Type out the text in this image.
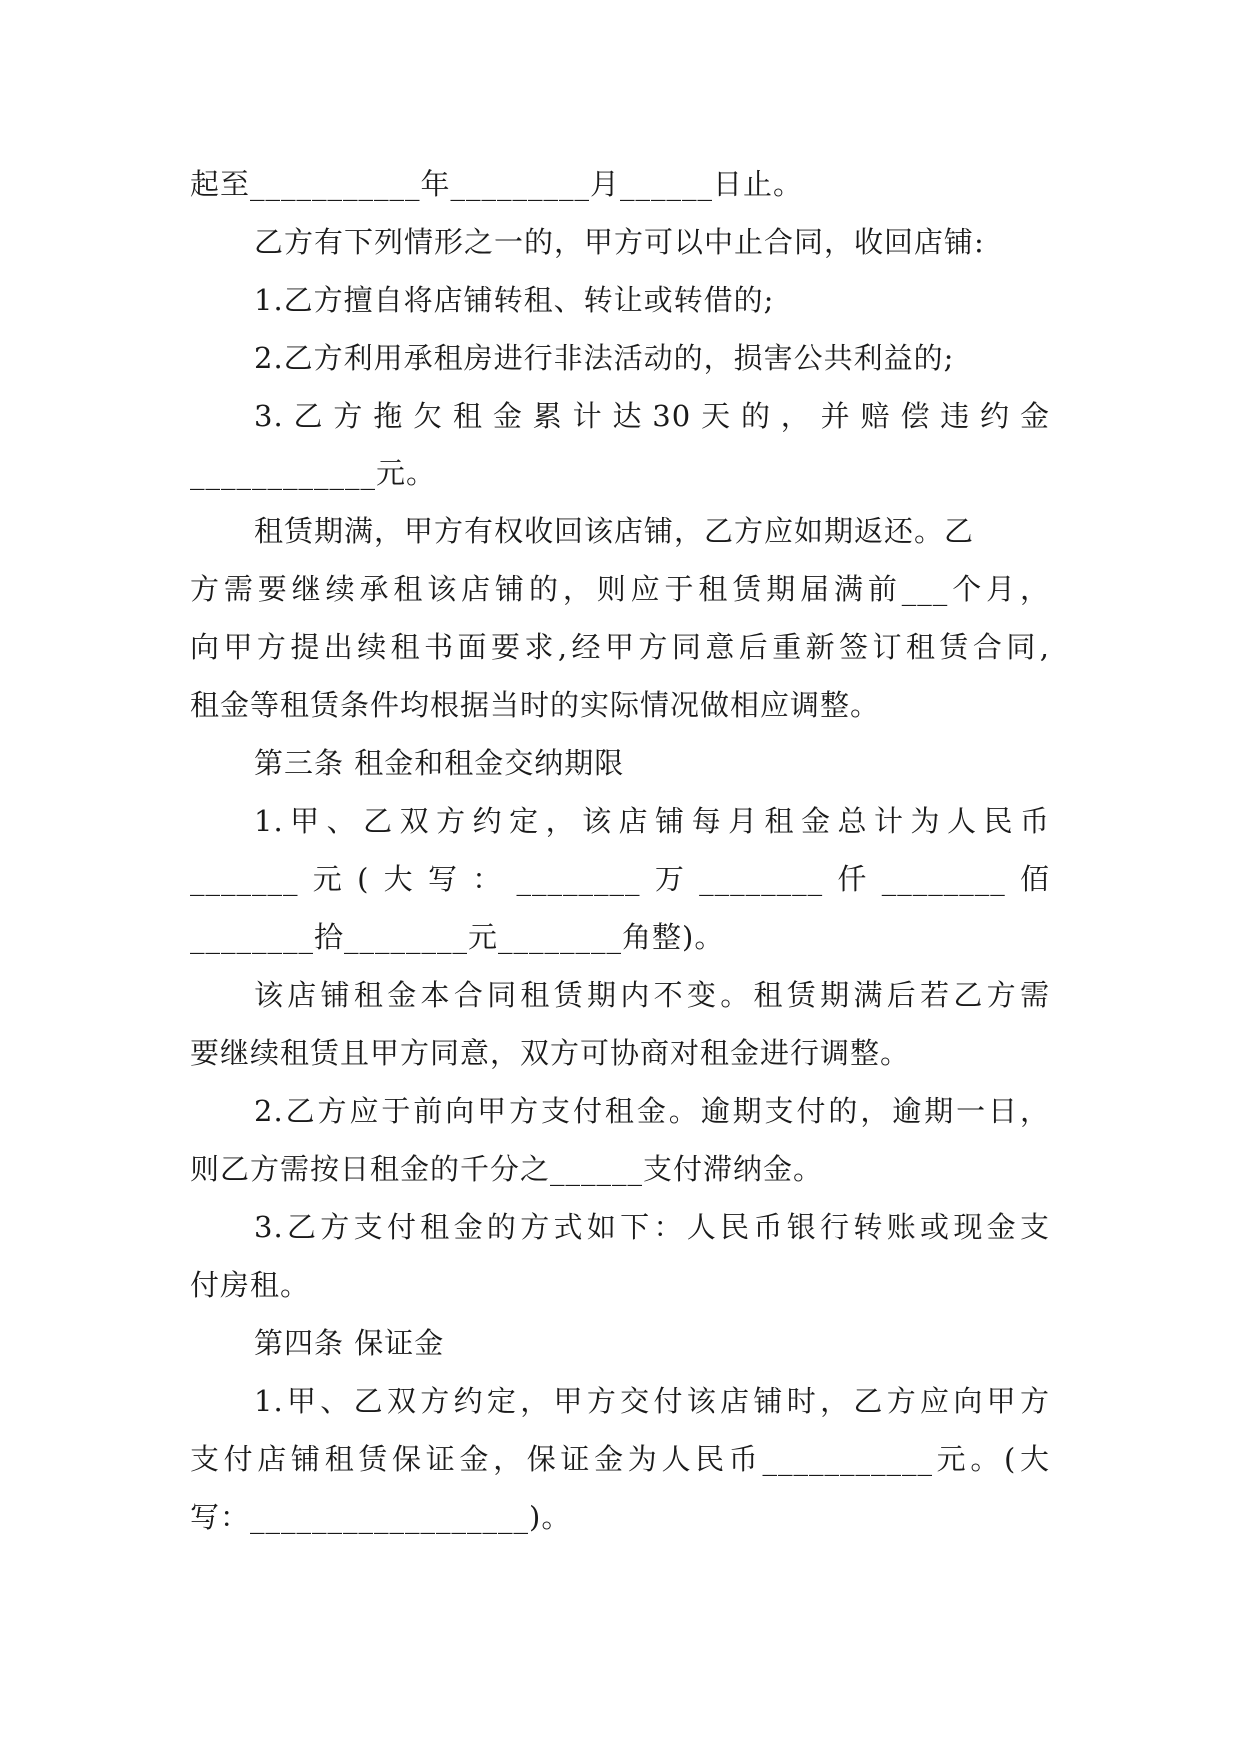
起至___________年_________月______日止。
乙方有下列情形之一的，甲方可以中止合同，收回店铺:
1.乙方擅自将店铺转租、转让或转借的;
2.乙方利用承租房进行非法活动的，损害公共利益的;
3.乙方拖欠租金累计达30天的，并赔偿违约金
____________元。
租赁期满，甲方有权收回该店铺，乙方应如期返还。乙
方需要继续承租该店铺的，则应于租赁期届满前___个月，
向甲方提出续租书面要求,经甲方同意后重新签订租赁合同,
租金等租赁条件均根据当时的实际情况做相应调整。
第三条 租金和租金交纳期限
1.甲、乙双方约定，该店铺每月租金总计为人民币
_______元(大写：________万________仟________佰
________拾________元________角整)。
该店铺租金本合同租赁期内不变。租赁期满后若乙方需
要继续租赁且甲方同意，双方可协商对租金进行调整。
2.乙方应于前向甲方支付租金。逾期支付的，逾期一日，
则乙方需按日租金的千分之______支付滞纳金。
3.乙方支付租金的方式如下：人民币银行转账或现金支
付房租。
第四条 保证金
1.甲、乙双方约定，甲方交付该店铺时，乙方应向甲方
支付店铺租赁保证金，保证金为人民币___________元。(大
写：__________________)。
